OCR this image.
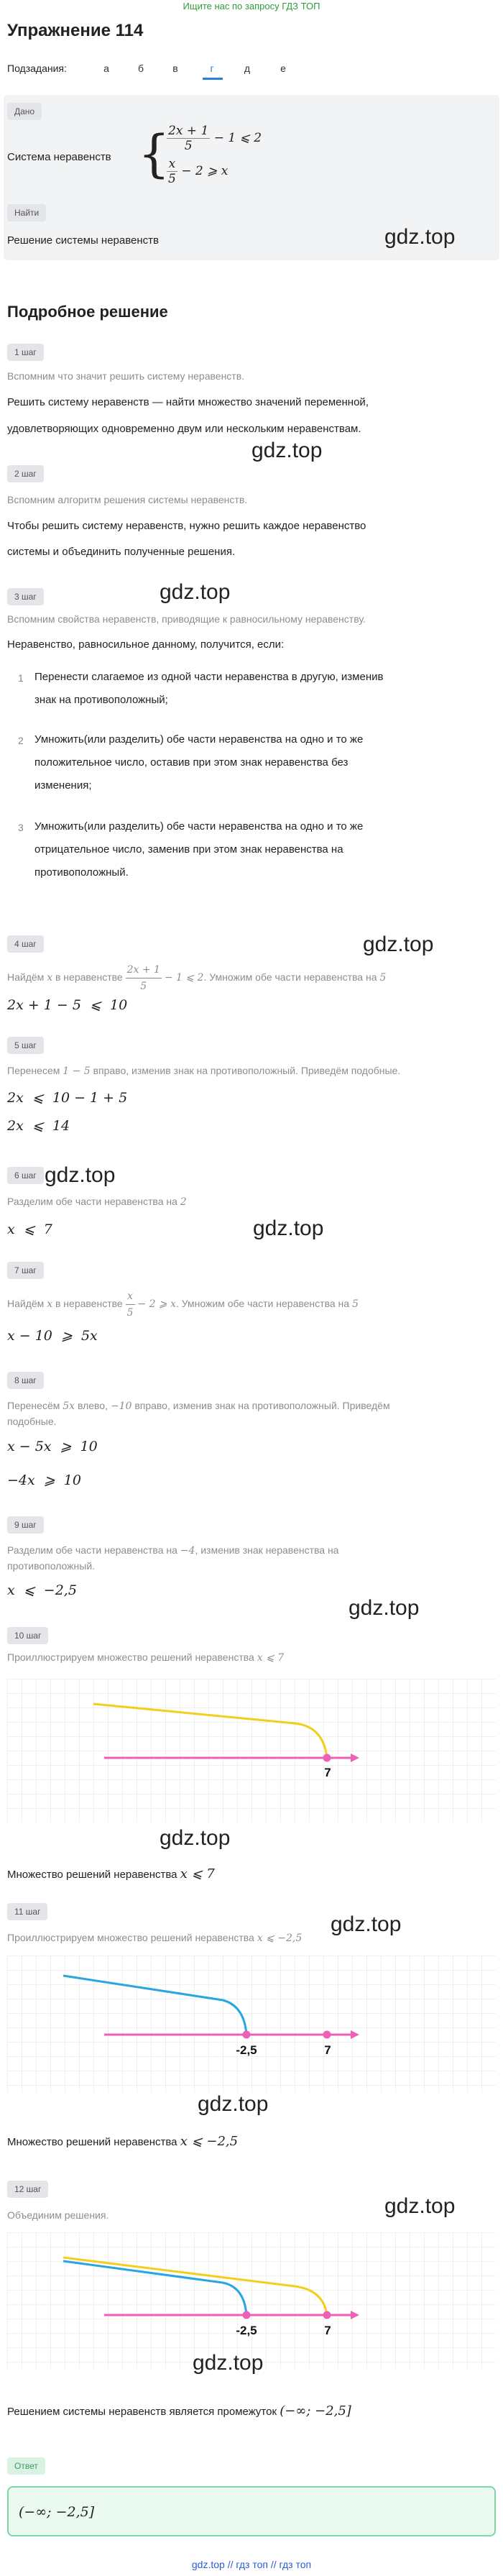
Ищите нас по запросу ГДЗ ТОП
Упражнение 114
Подзадания:	а	б	в	г	д	е
Дано
Система неравенств {
$\frac{2x + 1}{5} - 1$ ⩽ 2
$\frac{x}{5} - 2$ ⩾ x
Найти
Решение системы неравенств	gdz.top
Подробное решение
1 шаг
Вспомним что значит решить систему неравенств.
Решить систему неравенств — найти множество значений переменной,
удовлетворяющих одновременно двум или нескольким неравенствам.
gdz.top
2 шаг
Вспомним алгоритм решения системы неравенств.
Чтобы решить систему неравенств, нужно решить каждое неравенство
системы и объединить полученные решения.
gdz.top
3 шаг
Вспомним свойства неравенств, приводящие к равносильному неравенству.
Неравенство, равносильное данному, получится, если:
1 Перенести слагаемое из одной части неравенства в другую, изменив
знак на противоположный;
2 Умножить(или разделить) обе части неравенства на одно и то же
положительное число, оставив при этом знак неравенства без
изменения;
3 Умножить(или разделить) обе части неравенства на одно и то же
отрицательное число, заменив при этом знак неравенства на
противоположный.
gdz.top
4 шаг
Найдём x в неравенстве $\frac{2x + 1}{5} - 1$ ⩽ 2. Умножим обе части неравенства на 5
2x + 1 − 5  ⩽  10
5 шаг
Перенесем 1 − 5 вправо, изменив знак на противоположный. Приведём подобные.
2x  ⩽  10 − 1 + 5
2x  ⩽  14
6 шаг gdz.top
Разделим обе части неравенства на 2
x  ⩽  7	gdz.top
7 шаг
Найдём x в неравенстве $\frac{x}{5} - 2$ ⩾ x. Умножим обе части неравенства на 5
x − 10  ⩾  5x
8 шаг
Перенесём 5x влево, −10 вправо, изменив знак на противоположный. Приведём
подобные.
x − 5x  ⩾  10
−4x  ⩾  10
9 шаг
Разделим обе части неравенства на −4, изменив знак неравенства на
противоположный.
x  ⩽  −2,5
gdz.top
10 шаг
Проиллюстрируем множество решений неравенства x ⩽ 7
7
gdz.top
Множество решений неравенства x ⩽ 7
11 шаг
Проиллюстрируем множество решений неравенства x ⩽ −2,5
gdz.top
-2,5	7
gdz.top
Множество решений неравенства x ⩽ −2,5
12 шаг
Объединим решения.	gdz.top
-2,5	7
gdz.top
Решением системы неравенств является промежуток (−∞; −2,5]
Ответ
(−∞; −2,5]
gdz.top // гдз топ // гдз топ
